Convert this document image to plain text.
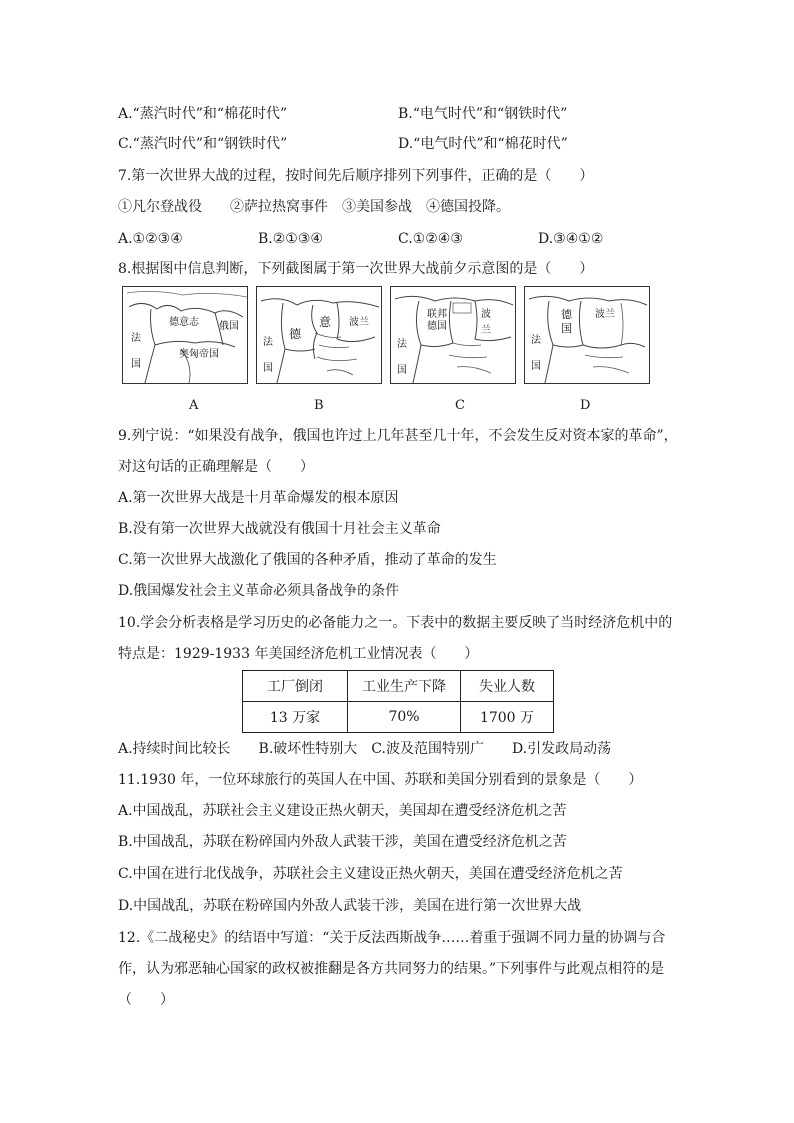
A.“蒸汽时代”和“棉花时代”	B.“电气时代”和“钢铁时代”
C.“蒸汽时代”和“钢铁时代”	D.“电气时代”和“棉花时代”
7.第一次世界大战的过程，按时间先后顺序排列下列事件，正确的是（　　）
①凡尔登战役　　②萨拉热窝事件　③美国参战　④德国投降。
A.①②③④	B.②①③④	C.①②④③	D.③④①②
8.根据图中信息判断，下列截图属于第一次世界大战前夕示意图的是（　　）
德意志 俄国
法
国
奥匈帝国
德
意 波兰
法
国
联 邦
德 国
波
兰
法
国
德
国
波兰
法
国
A	B	C	D
9.列宁说：“如果没有战争，俄国也许过上几年甚至几十年，不会发生反对资本家的革命”，
对这句话的正确理解是（　　）
A.第一次世界大战是十月革命爆发的根本原因
B.没有第一次世界大战就没有俄国十月社会主义革命
C.第一次世界大战激化了俄国的各种矛盾，推动了革命的发生
D.俄国爆发社会主义革命必须具备战争的条件
10.学会分析表格是学习历史的必备能力之一。下表中的数据主要反映了当时经济危机中的
特点是：1929-1933 年美国经济危机工业情况表（　　）
工厂倒闭	工业生产下降	失业人数
13 万家	70%	1700 万
A.持续时间比较长　　B.破坏性特别大　C.波及范围特别广　　D.引发政局动荡
11.1930 年，一位环球旅行的英国人在中国、苏联和美国分别看到的景象是（　　）
A.中国战乱，苏联社会主义建设正热火朝天，美国却在遭受经济危机之苦
B.中国战乱，苏联在粉碎国内外敌人武装干涉，美国在遭受经济危机之苦
C.中国在进行北伐战争，苏联社会主义建设正热火朝天，美国在遭受经济危机之苦
D.中国战乱，苏联在粉碎国内外敌人武装干涉，美国在进行第一次世界大战
12.《二战秘史》的结语中写道：“关于反法西斯战争……着重于强调不同力量的协调与合
作，认为邪恶轴心国家的政权被推翻是各方共同努力的结果。”下列事件与此观点相符的是
（　　）
